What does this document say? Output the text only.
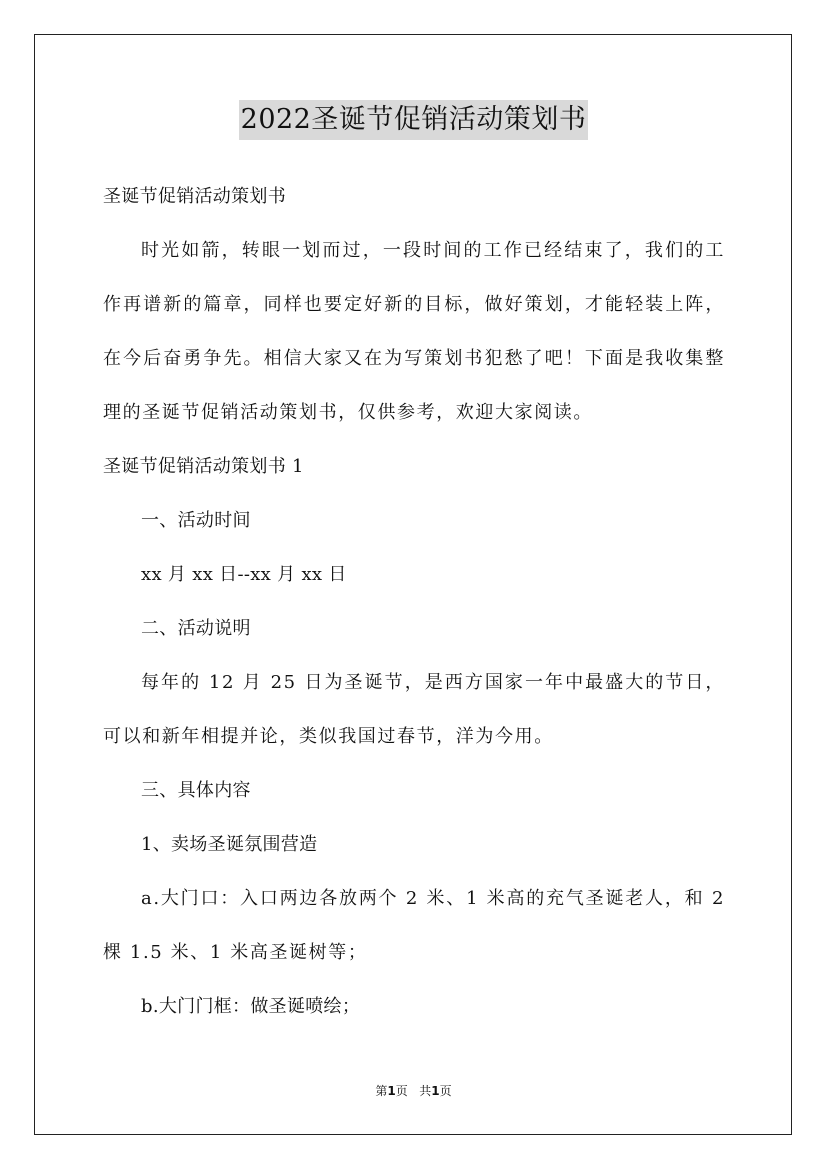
2022圣诞节促销活动策划书
圣诞节促销活动策划书

时光如箭，转眼一划而过，一段时间的工作已经结束了，我们的工作再谱新的篇章，同样也要定好新的目标，做好策划，才能轻装上阵，在今后奋勇争先。相信大家又在为写策划书犯愁了吧！下面是我收集整理的圣诞节促销活动策划书，仅供参考，欢迎大家阅读。

圣诞节促销活动策划书 1
一、活动时间
xx 月 xx 日--xx 月 xx 日
二、活动说明

每年的 12 月 25 日为圣诞节，是西方国家一年中最盛大的节日，可以和新年相提并论，类似我国过春节，洋为今用。

三、具体内容
1、卖场圣诞氛围营造

a.大门口：入口两边各放两个 2 米、1 米高的充气圣诞老人，和 2 棵 1.5 米、1 米高圣诞树等；

b.大门门框：做圣诞喷绘；
第1页 共1页
